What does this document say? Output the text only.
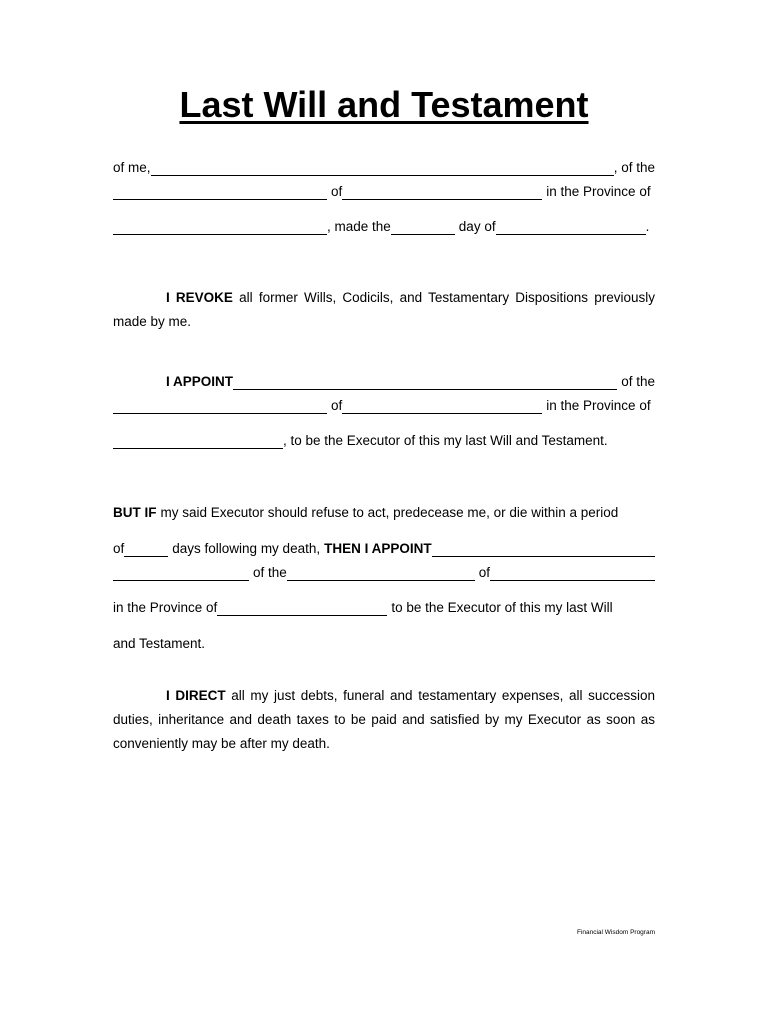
Last Will and Testament
of me,	, of the
of	in the Province of
, made the	day of	.
I REVOKE all former Wills, Codicils, and Testamentary Dispositions previously
made by me.
I APPOINT	of the
of	in the Province of
, to be the Executor of this my last Will and Testament.
BUT IF my said Executor should refuse to act, predecease me, or die within a period
of	days following my death, THEN I APPOINT
of the	of
in the Province of	to be the Executor of this my last Will
and Testament.
I DIRECT all my just debts, funeral and testamentary expenses, all succession
duties, inheritance and death taxes to be paid and satisfied by my Executor as soon as
conveniently may be after my death.
Financial Wisdom Program
